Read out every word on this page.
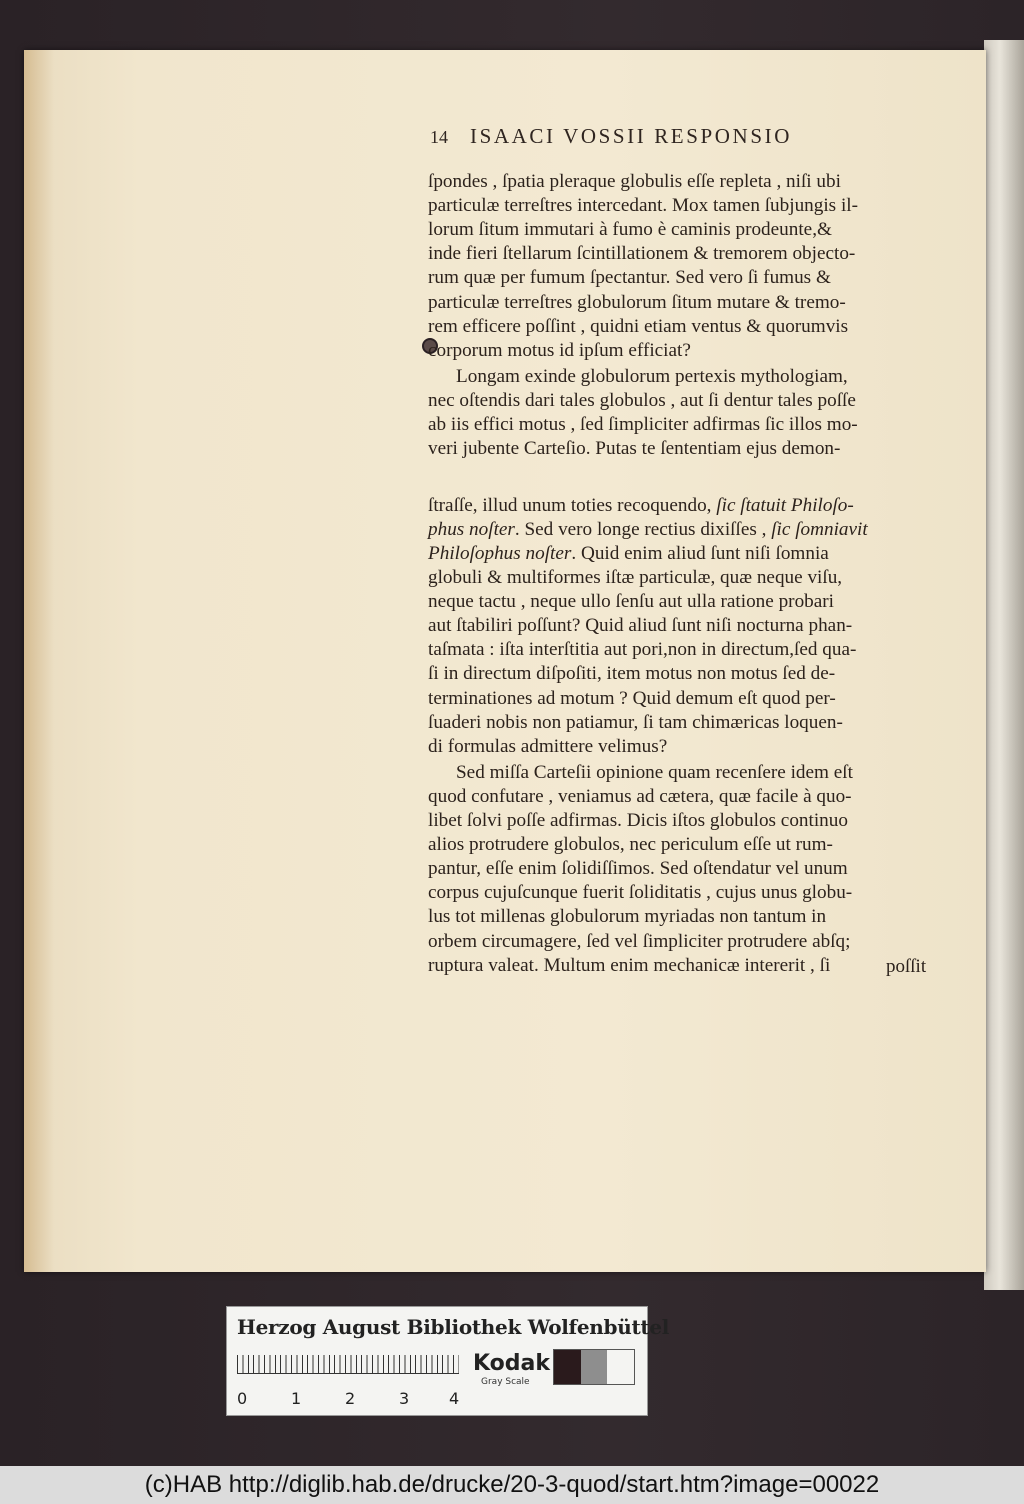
14 ISAACI VOSSII RESPONSIO
ſpondes , ſpatia pleraque globulis eſſe repleta , niſi ubi
particulæ terreſtres intercedant. Mox tamen ſubjungis il-
lorum ſitum immutari à fumo è caminis prodeunte,&
inde fieri ſtellarum ſcintillationem & tremorem objecto-
rum quæ per fumum ſpectantur. Sed vero ſi fumus &
particulæ terreſtres globulorum ſitum mutare & tremo-
rem efficere poſſint , quidni etiam ventus & quorumvis
corporum motus id ipſum efficiat?
Longam exinde globulorum pertexis mythologiam,
nec oſtendis dari tales globulos , aut ſi dentur tales poſſe
ab iis effici motus , ſed ſimpliciter adfirmas ſic illos mo-
veri jubente Carteſio. Putas te ſententiam ejus demon-
ſtraſſe, illud unum toties recoquendo, ſic ſtatuit Philoſo-
phus noſter. Sed vero longe rectius dixiſſes , ſic ſomniavit
Philoſophus noſter. Quid enim aliud ſunt niſi ſomnia
globuli & multiformes iſtæ particulæ, quæ neque viſu,
neque tactu , neque ullo ſenſu aut ulla ratione probari
aut ſtabiliri poſſunt? Quid aliud ſunt niſi nocturna phan-
taſmata : iſta interſtitia aut pori,non in directum,ſed qua-
ſi in directum diſpoſiti, item motus non motus ſed de-
terminationes ad motum ? Quid demum eſt quod per-
ſuaderi nobis non patiamur, ſi tam chimæricas loquen-
di formulas admittere velimus?
Sed miſſa Carteſii opinione quam recenſere idem eſt
quod confutare , veniamus ad cætera, quæ facile à quo-
libet ſolvi poſſe adfirmas. Dicis iſtos globulos continuo
alios protrudere globulos, nec periculum eſſe ut rum-
pantur, eſſe enim ſolidiſſimos. Sed oſtendatur vel unum
corpus cujuſcunque fuerit ſoliditatis , cujus unus globu-
lus tot millenas globulorum myriadas non tantum in
orbem circumagere, ſed vel ſimpliciter protrudere abſq;
ruptura valeat. Multum enim mechanicæ intererit , ſi	poſſit
Herzog August Bibliothek Wolfenbüttel
0	1	2	3 4
Kodak
Gray Scale
(c)HAB http://diglib.hab.de/drucke/20-3-quod/start.htm?image=00022
